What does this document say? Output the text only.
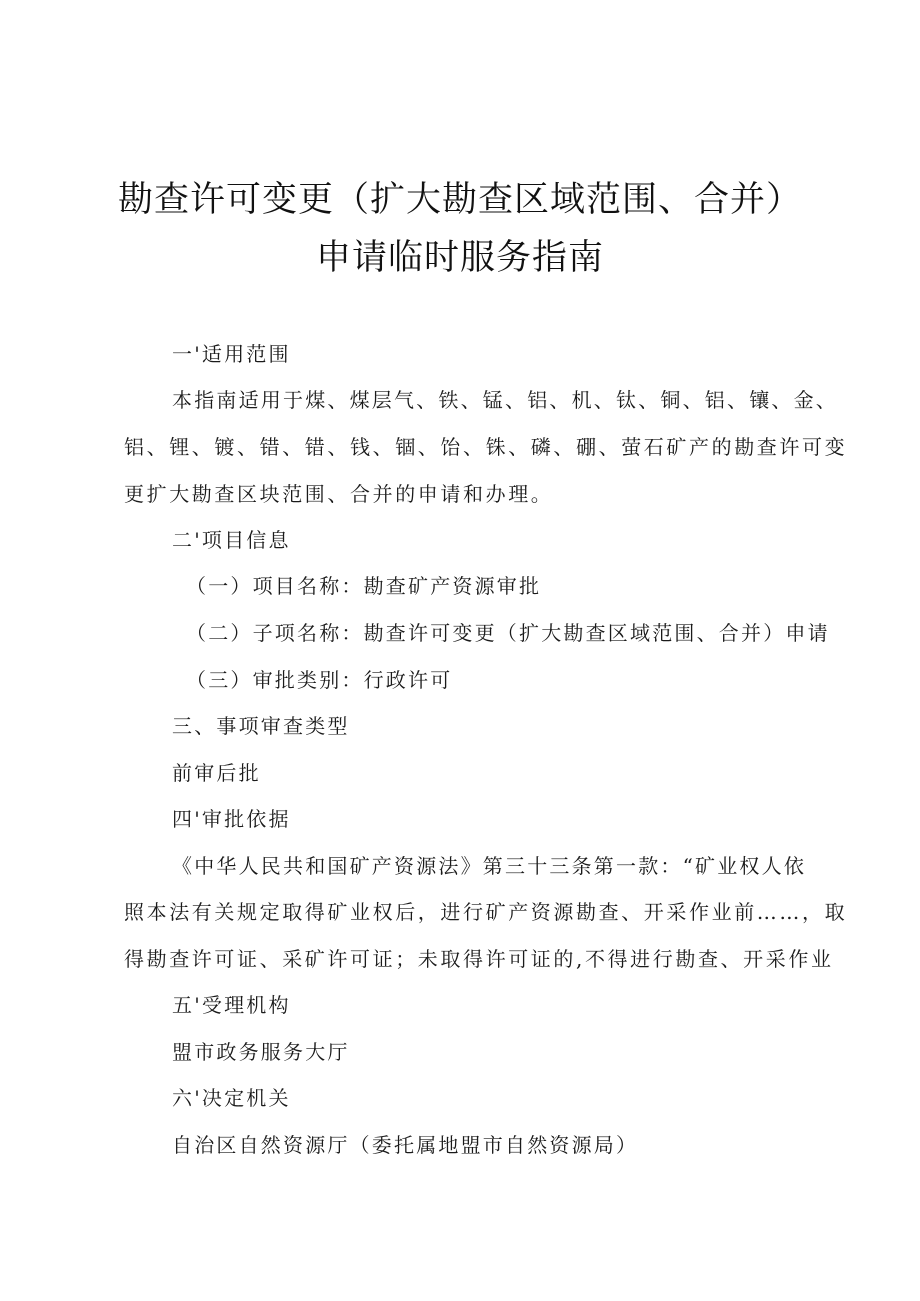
勘查许可变更（扩大勘查区域范围、合并）
申请临时服务指南
一'适用范围
本指南适用于煤、煤层气、铁、锰、铝、机、钛、铜、铝、镶、金、
铝、锂、镀、错、错、钱、锢、饴、铢、磷、硼、萤石矿产的勘查许可变
更扩大勘查区块范围、合并的申请和办理。
二'项目信息
（一）项目名称：勘查矿产资源审批
（二）子项名称：勘查许可变更（扩大勘查区域范围、合并）申请
（三）审批类别：行政许可
三、事项审查类型
前审后批
四'审批依据
《中华人民共和国矿产资源法》第三十三条第一款：“矿业权人依
照本法有关规定取得矿业权后，进行矿产资源勘查、开采作业前……，取
得勘查许可证、采矿许可证；未取得许可证的,不得进行勘查、开采作业
五'受理机构
盟市政务服务大厅
六'决定机关
自治区自然资源厅（委托属地盟市自然资源局）
